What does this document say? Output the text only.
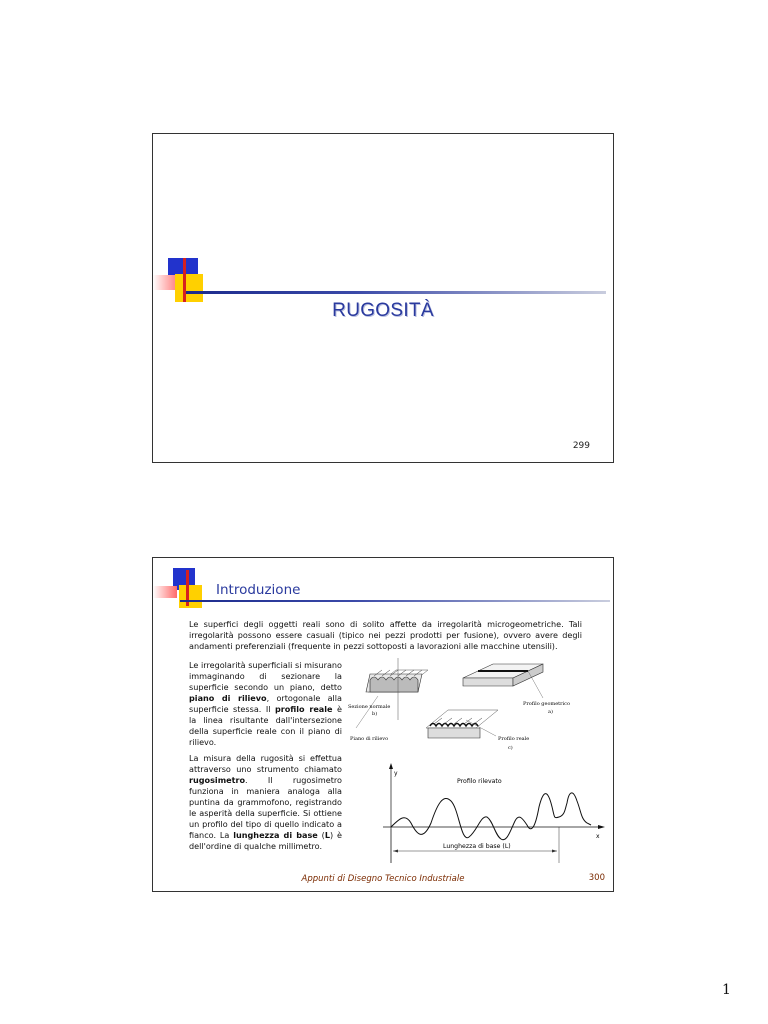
RUGOSITÀ
299
Introduzione
Le superfici degli oggetti reali sono di solito affette da irregolarità microgeometriche. Tali irregolarità possono essere casuali (tipico nei pezzi prodotti per fusione), ovvero avere degli andamenti preferenziali (frequente in pezzi sottoposti a lavorazioni alle macchine utensili).

Le irregolarità superficiali si misurano immaginando di sezionare la superficie secondo un piano, detto piano di rilievo, ortogonale alla superficie stessa. Il profilo reale è la linea risultante dall'intersezione della superficie reale con il piano di rilievo.

La misura della rugosità si effettua attraverso uno strumento chiamato rugosimetro. Il rugosimetro funziona in maniera analoga alla puntina da grammofono, registrando le asperità della superficie. Si ottiene un profilo del tipo di quello indicato a fianco. La lunghezza di base (L) è dell'ordine di qualche millimetro.

Sezione normale
b)
Piano di rilievo
Profilo geometrico
a)
Profilo reale
c)
y
x
Profilo rilevato
Lunghezza di base (L)
Appunti di Disegno Tecnico Industriale	300
1
